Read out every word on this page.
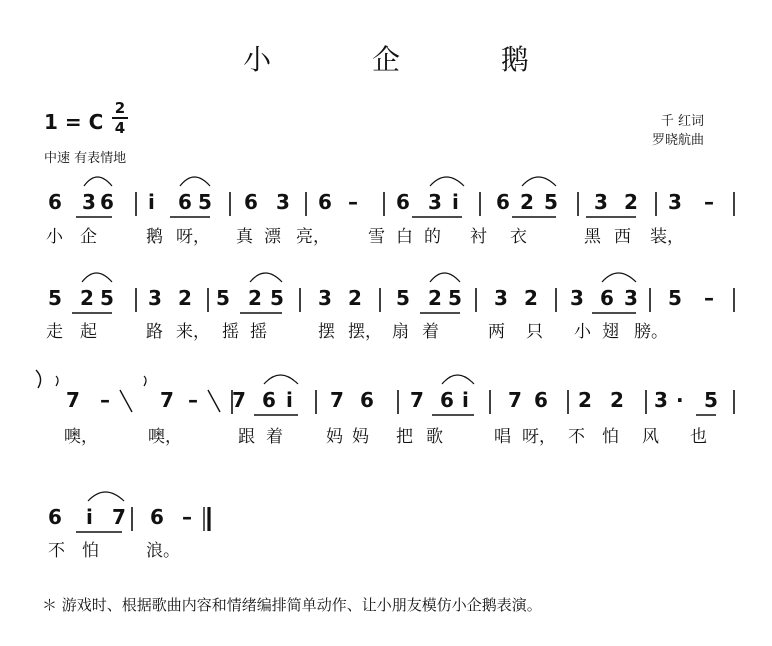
小 企 鹅
1 = C
2
4
中速 有表情地
千 红词
罗晓航曲
6 3 6 i 6 5 6 3 6 – 6 3 i 6 2 5 3 2 3 –
小 企	鹅 呀， 真 漂 亮， 雪 白 的 衬 衣	黑 西 装，
5 2 5 3 2 5 2 5 3 2 5 2 5 3 2 3 6 3 5 –
走 起	路 来， 摇 摇	摆 摆， 扇 着	两 只 小 翅 膀。
7 –	7 – 7 6 i 7 6 7 6 i 7 6 2 2 3 · 5
噢，	噢，	跟 着	妈 妈 把 歌	唱 呀， 不 怕 风 也
6 i 7 6 –
不 怕	浪。
＊ 游戏时、根据歌曲内容和情绪编排简单动作、让小朋友模仿小企鹅表演。
